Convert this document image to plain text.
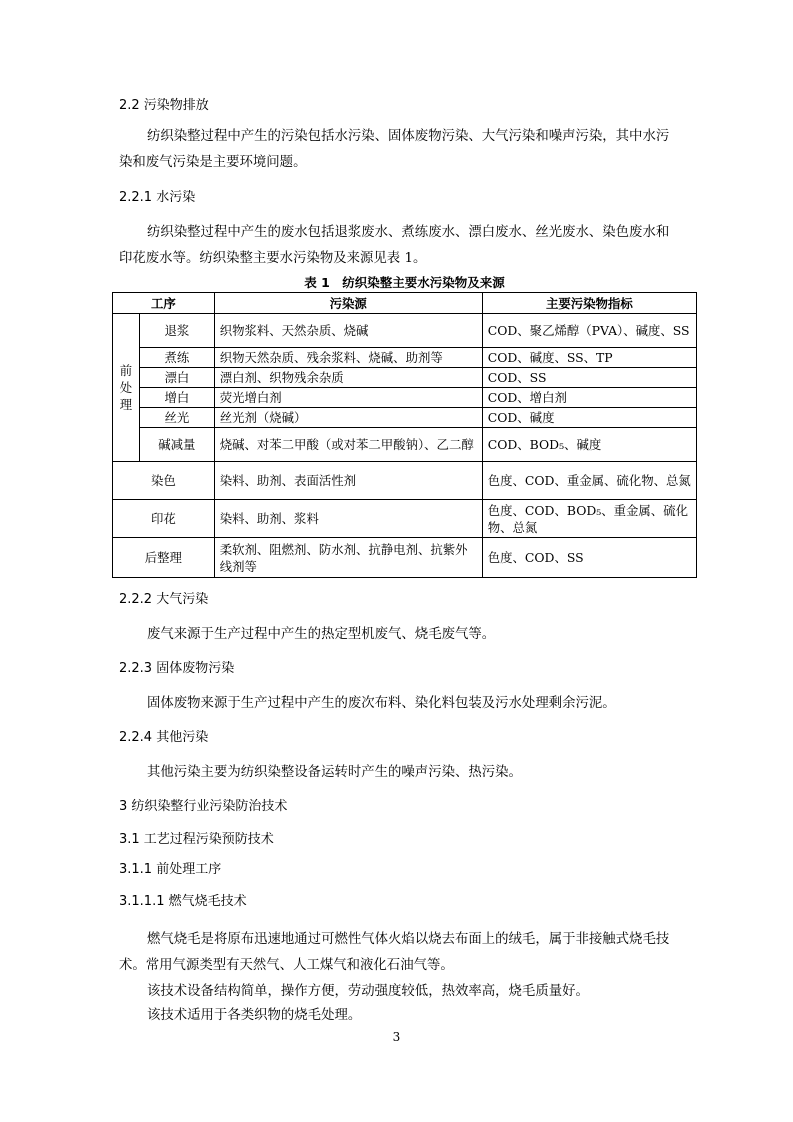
2.2 污染物排放
纺织染整过程中产生的污染包括水污染、固体废物污染、大气污染和噪声污染，其中水污染和废气污染是主要环境问题。
2.2.1 水污染
纺织染整过程中产生的废水包括退浆废水、煮练废水、漂白废水、丝光废水、染色废水和印花废水等。纺织染整主要水污染物及来源见表 1。
表 1　纺织染整主要水污染物及来源
工序		污染源	主要污染物指标

前
处
理	退浆	织物浆料、天然杂质、烧碱	COD、聚乙烯醇（PVA）、碱度、SS
	煮练	织物天然杂质、残余浆料、烧碱、助剂等	COD、碱度、SS、TP
	漂白	漂白剂、织物残余杂质	COD、SS
	增白	荧光增白剂	COD、增白剂
	丝光	丝光剂（烧碱）	COD、碱度
	碱减量	烧碱、对苯二甲酸（或对苯二甲酸钠）、乙二醇	COD、BOD₅、碱度
染色		染料、助剂、表面活性剂	色度、COD、重金属、硫化物、总氮
印花		染料、助剂、浆料	色度、COD、BOD₅、重金属、硫化物、总氮
后整理		柔软剂、阻燃剂、防水剂、抗静电剂、抗紫外线剂等	色度、COD、SS
2.2.2 大气污染
废气来源于生产过程中产生的热定型机废气、烧毛废气等。
2.2.3 固体废物污染
固体废物来源于生产过程中产生的废次布料、染化料包装及污水处理剩余污泥。
2.2.4 其他污染
其他污染主要为纺织染整设备运转时产生的噪声污染、热污染。
3 纺织染整行业污染防治技术
3.1 工艺过程污染预防技术
3.1.1 前处理工序
3.1.1.1 燃气烧毛技术
燃气烧毛是将原布迅速地通过可燃性气体火焰以烧去布面上的绒毛，属于非接触式烧毛技术。常用气源类型有天然气、人工煤气和液化石油气等。
该技术设备结构简单，操作方便，劳动强度较低，热效率高，烧毛质量好。
该技术适用于各类织物的烧毛处理。
3
